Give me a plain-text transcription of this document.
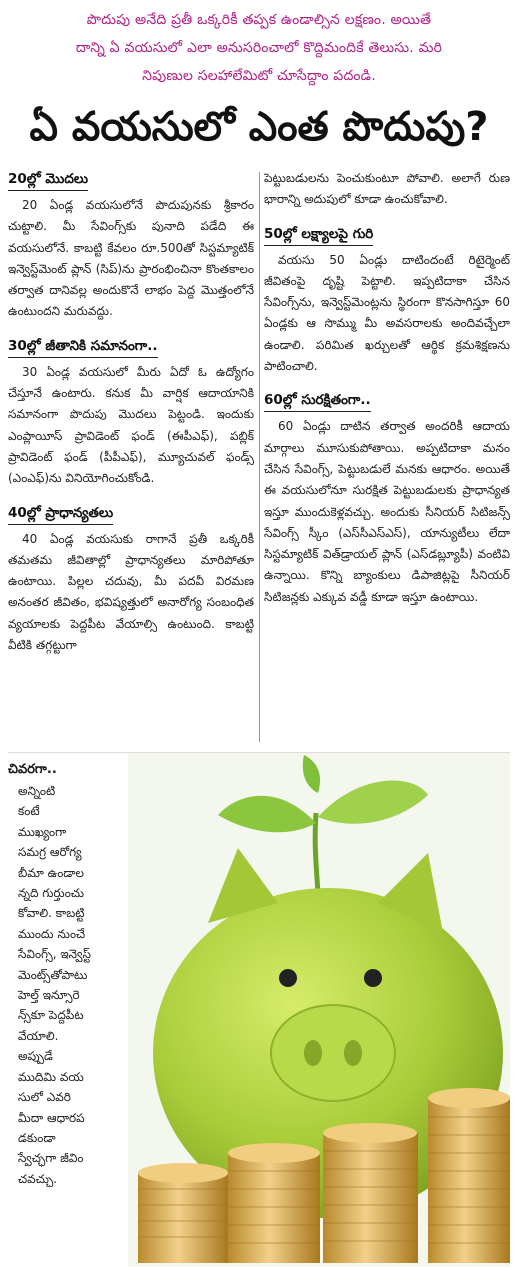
పొదుపు అనేది ప్రతీ ఒక్కరికీ తప్పక ఉండాల్సిన లక్షణం. అయితే

దాన్ని ఏ వయసులో ఎలా అనుసరించాలో కొద్దిమందికే తెలుసు. మరి

నిపుణుల సలహాలేమిటో చూసేద్దాం పదండి.

ఏ వయసులో ఎంత పొదుపు?
20ల్లో మొదలు

20 ఏండ్ల వయసులోనే పొదుపునకు శ్రీకారం చుట్టాలి. మీ సేవింగ్స్‌కు పునాది పడేది ఈ వయసులోనే. కాబట్టి కేవలం రూ.500తో సిస్టమ్యాటిక్ ఇన్వెస్ట్‌మెంట్ ప్లాన్ (సిప్)ను ప్రారంభించినా కొంతకాలం తర్వాత దానివల్ల అందుకొనే లాభం పెద్ద మొత్తంలోనే ఉంటుందని మరువద్దు.

30ల్లో జీతానికి సమానంగా..

30 ఏండ్ల వయసులో మీరు ఏదో ఓ ఉద్యోగం చేస్తూనే ఉంటారు. కనుక మీ వార్షిక ఆదాయానికి సమానంగా పొదుపు మొదలు పెట్టండి. ఇందుకు ఎంప్లాయీస్ ప్రావిడెంట్ ఫండ్ (ఈపీఎఫ్), పబ్లిక్ ప్రావిడెంట్ ఫండ్ (పీపీఎఫ్), మ్యూచువల్ ఫండ్స్ (ఎంఎఫ్)ను వినియోగించుకోండి.

40ల్లో ప్రాధాన్యతలు

40 ఏండ్ల వయసుకు రాగానే ప్రతీ ఒక్కరికీ తమతమ జీవితాల్లో ప్రాధాన్యతలు మారిపోతూ ఉంటాయి. పిల్లల చదువు, మీ పదవీ విరమణ అనంతర జీవితం, భవిష్యత్తులో అనారోగ్య సంబంధిత వ్యయాలకు పెద్దపీట వేయాల్సి ఉంటుంది. కాబట్టి వీటికి తగ్గట్టుగా

పెట్టుబడులను పెంచుకుంటూ పోవాలి. అలాగే రుణ భారాన్ని అదుపులో కూడా ఉంచుకోవాలి.

50ల్లో లక్ష్యాలపై గురి

వయసు 50 ఏండ్లు దాటిందంటే రిటైర్మెంట్ జీవితంపై దృష్టి పెట్టాలి. ఇప్పటిదాకా చేసిన సేవింగ్స్‌ను, ఇన్వెస్ట్‌మెంట్లను స్థిరంగా కొనసాగిస్తూ 60 ఏండ్లకు ఆ సొమ్ము మీ అవసరాలకు అందివచ్చేలా ఉండాలి. పరిమిత ఖర్చులతో ఆర్థిక క్రమశిక్షణను పాటించాలి.

60ల్లో సురక్షితంగా..

60 ఏండ్లు దాటిన తర్వాత అందరికీ ఆదాయ మార్గాలు మూసుకుపోతాయి. అప్పటిదాకా మనం చేసిన సేవింగ్స్, పెట్టుబడులే మనకు ఆధారం. అయితే ఈ వయసులోనూ సురక్షిత పెట్టుబడులకు ప్రాధాన్యత ఇస్తూ ముందుకెళ్లవచ్చు. అందుకు సీనియర్ సిటిజన్స్ సేవింగ్స్ స్కీం (ఎస్‌సీఎస్‌ఎస్), యాన్యుటీలు లేదా సిస్టమ్యాటిక్ విత్‌డ్రాయల్ ప్లాన్ (ఎస్‌డబ్ల్యూపీ) వంటివి ఉన్నాయి. కొన్ని బ్యాంకులు డిపాజిట్లపై సీనియర్ సిటిజన్లకు ఎక్కువ వడ్డీ కూడా ఇస్తూ ఉంటాయి.

చివరగా..
అన్నింటి
కంటే
ముఖ్యంగా
సమగ్ర ఆరోగ్య
బీమా ఉండాల
న్నది గుర్తుంచు
కోవాలి. కాబట్టి
ముందు నుంచే
సేవింగ్స్, ఇన్వెస్ట్
మెంట్స్‌తోపాటు
హెల్త్ ఇన్సూరె
న్స్‌కూ పెద్దపీట
వేయాలి.
అప్పుడే
ముదిమి వయ
సులో ఎవరి
మీదా ఆధారప
డకుండా
స్వేచ్ఛగా జీవిం
చవచ్చు.
